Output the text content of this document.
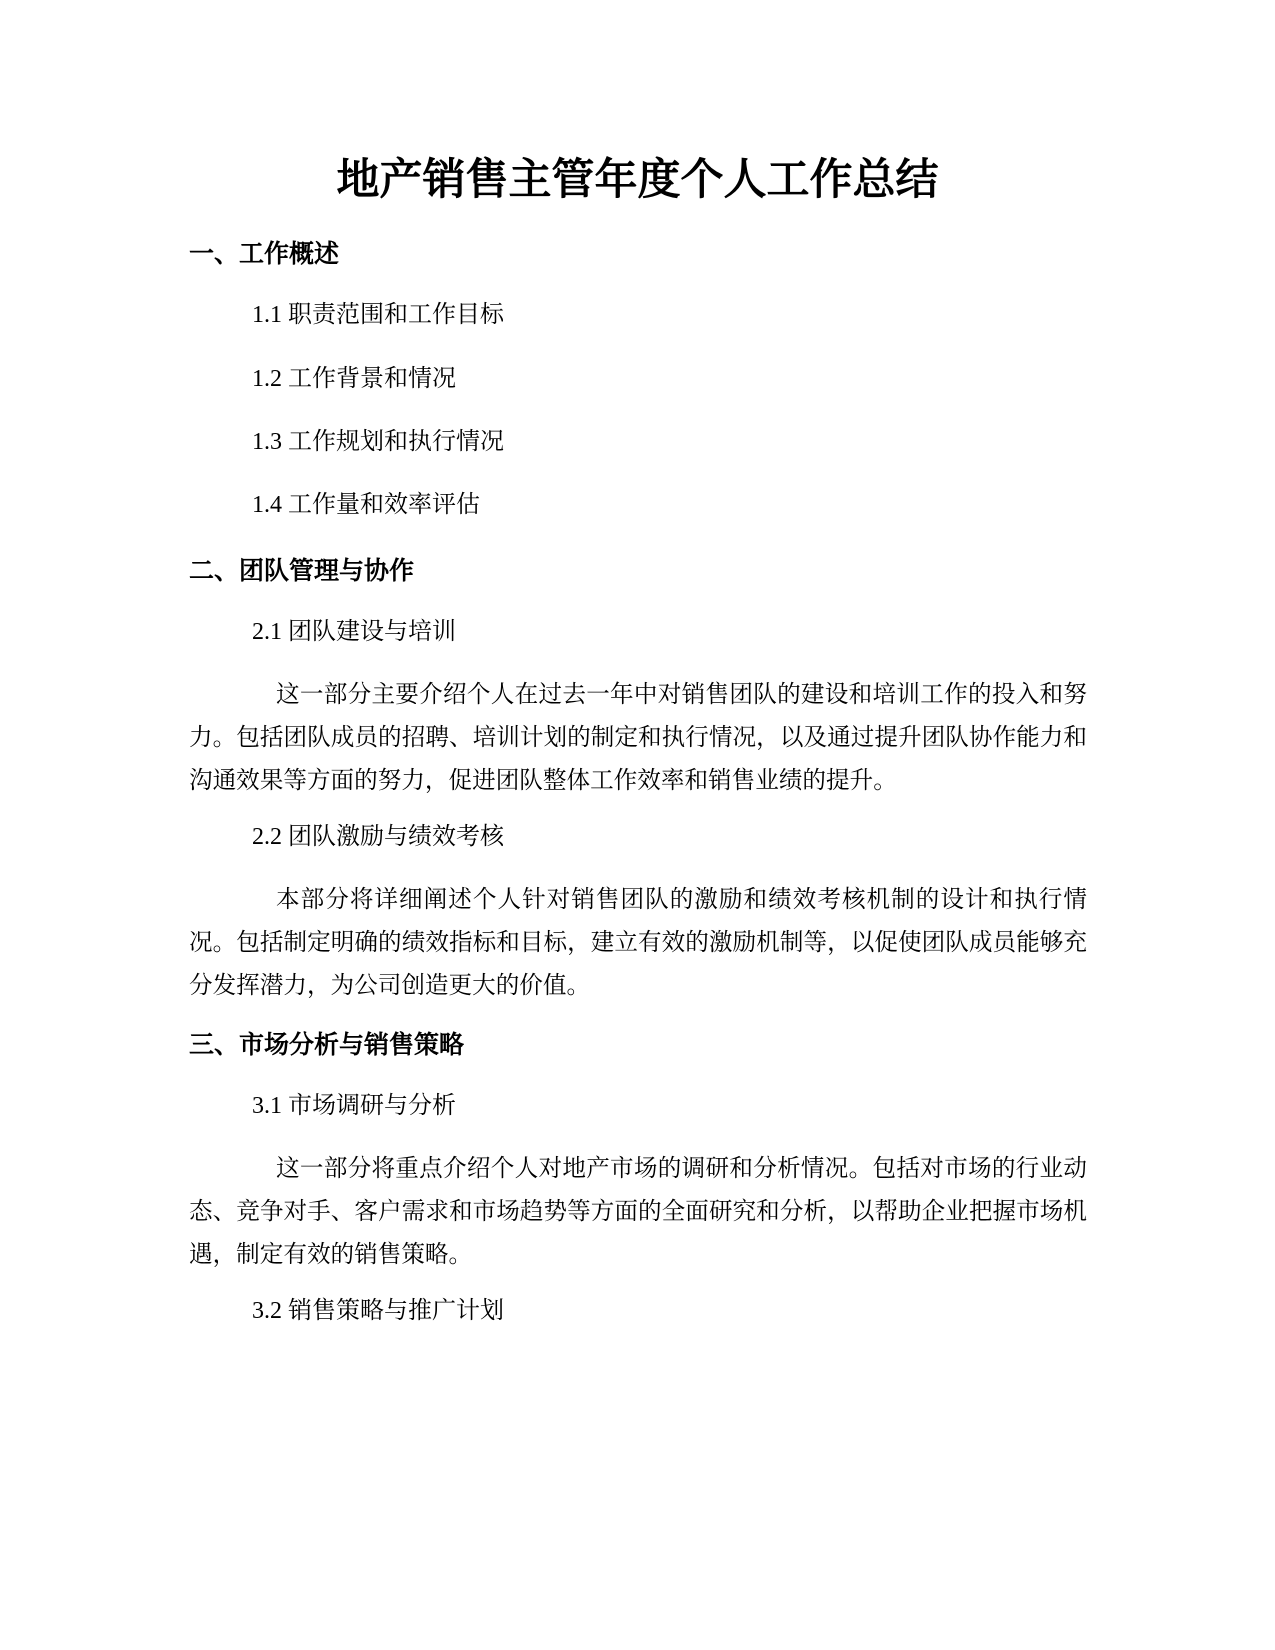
地产销售主管年度个人工作总结
一、工作概述

1.1 职责范围和工作目标

1.2 工作背景和情况

1.3 工作规划和执行情况

1.4 工作量和效率评估

二、团队管理与协作

2.1 团队建设与培训

这一部分主要介绍个人在过去一年中对销售团队的建设和培训工作的投入和努力。包括团队成员的招聘、培训计划的制定和执行情况，以及通过提升团队协作能力和沟通效果等方面的努力，促进团队整体工作效率和销售业绩的提升。

2.2 团队激励与绩效考核

本部分将详细阐述个人针对销售团队的激励和绩效考核机制的设计和执行情况。包括制定明确的绩效指标和目标，建立有效的激励机制等，以促使团队成员能够充分发挥潜力，为公司创造更大的价值。

三、市场分析与销售策略

3.1 市场调研与分析

这一部分将重点介绍个人对地产市场的调研和分析情况。包括对市场的行业动态、竞争对手、客户需求和市场趋势等方面的全面研究和分析，以帮助企业把握市场机遇，制定有效的销售策略。

3.2 销售策略与推广计划
